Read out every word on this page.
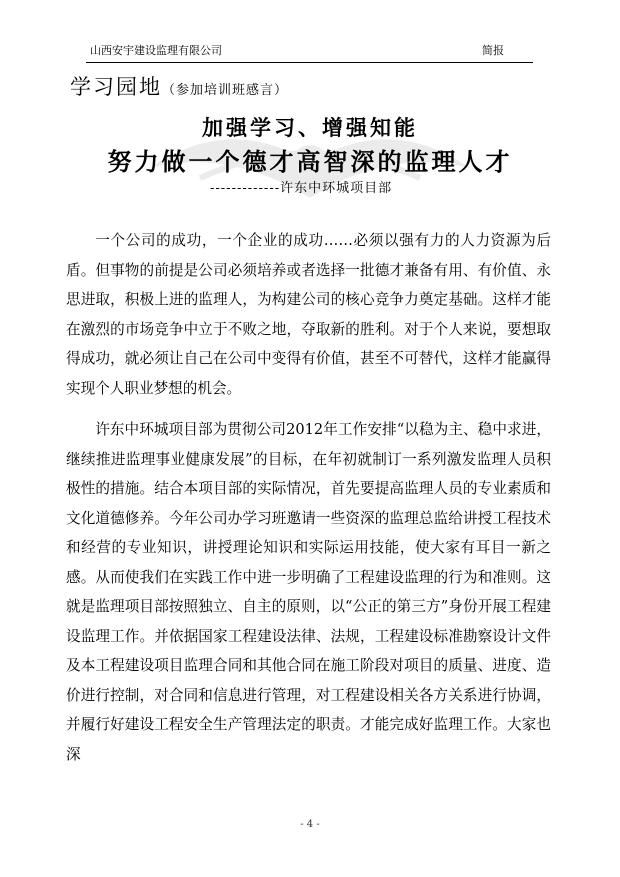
山西安宇建设监理有限公司	简报
学习园地（参加培训班感言）
加强学习、增强知能
努力做一个德才高智深的监理人才
-------------许东中环城项目部

一个公司的成功，一个企业的成功……必须以强有力的人力资源为后盾。但事物的前提是公司必须培养或者选择一批德才兼备有用、有价值、永思进取，积极上进的监理人，为构建公司的核心竞争力奠定基础。这样才能在激烈的市场竞争中立于不败之地，夺取新的胜利。对于个人来说，要想取得成功，就必须让自己在公司中变得有价值，甚至不可替代，这样才能赢得实现个人职业梦想的机会。

许东中环城项目部为贯彻公司2012年工作安排“以稳为主、稳中求进，继续推进监理事业健康发展”的目标，在年初就制订一系列激发监理人员积极性的措施。结合本项目部的实际情况，首先要提高监理人员的专业素质和文化道德修养。今年公司办学习班邀请一些资深的监理总监给讲授工程技术和经营的专业知识，讲授理论知识和实际运用技能，使大家有耳目一新之感。从而使我们在实践工作中进一步明确了工程建设监理的行为和准则。这就是监理项目部按照独立、自主的原则，以“公正的第三方”身份开展工程建设监理工作。并依据国家工程建设法律、法规，工程建设标准勘察设计文件及本工程建设项目监理合同和其他合同在施工阶段对项目的质量、进度、造价进行控制，对合同和信息进行管理，对工程建设相关各方关系进行协调，并履行好建设工程安全生产管理法定的职责。才能完成好监理工作。大家也深

- 4 -
